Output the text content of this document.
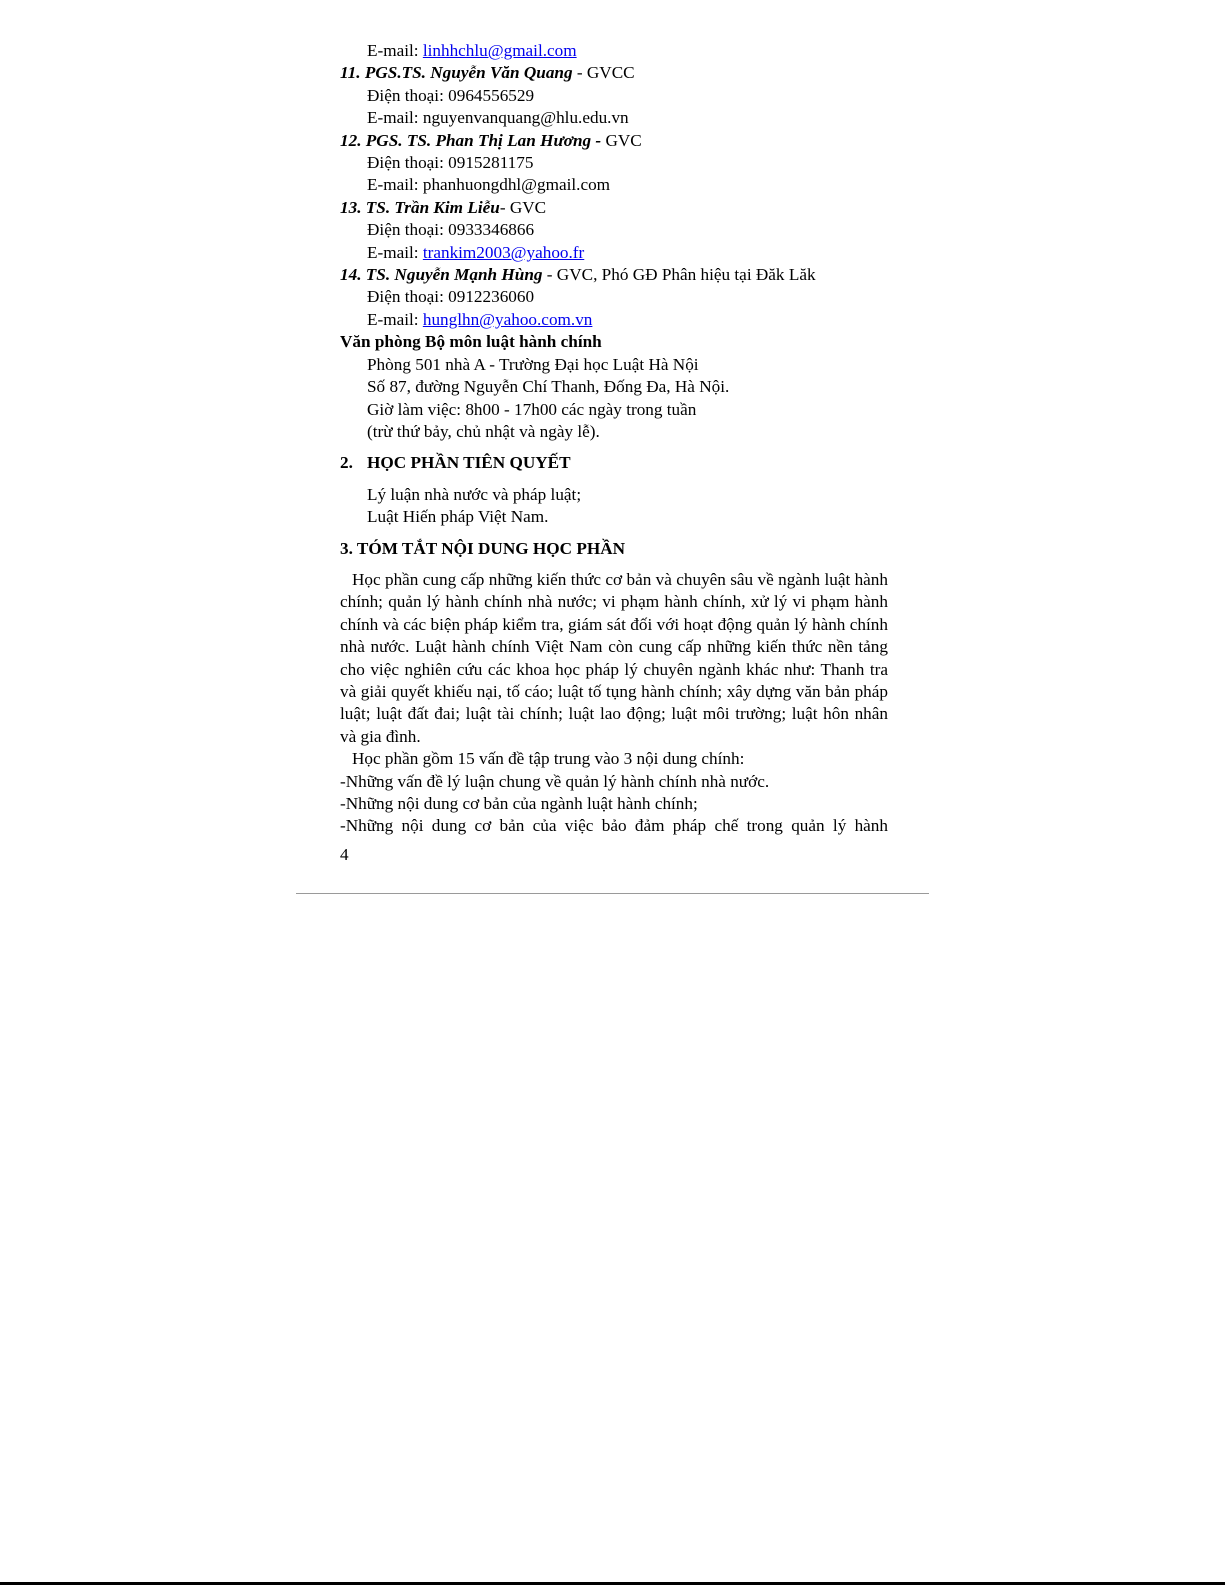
E-mail: linhhchlu@gmail.com
11. PGS.TS. Nguyễn Văn Quang - GVCC
Điện thoại: 0964556529
E-mail: nguyenvanquang@hlu.edu.vn
12. PGS. TS. Phan Thị Lan Hương - GVC
Điện thoại: 0915281175
E-mail: phanhuongdhl@gmail.com
13. TS. Trần Kim Liễu- GVC
Điện thoại: 0933346866
E-mail: trankim2003@yahoo.fr
14. TS. Nguyễn Mạnh Hùng - GVC, Phó GĐ Phân hiệu tại Đăk Lăk
Điện thoại: 0912236060
E-mail: hunglhn@yahoo.com.vn
Văn phòng Bộ môn luật hành chính
Phòng 501 nhà A - Trường Đại học Luật Hà Nội
Số 87, đường Nguyễn Chí Thanh, Đống Đa, Hà Nội.
Giờ làm việc: 8h00 - 17h00 các ngày trong tuần
(trừ thứ bảy, chủ nhật và ngày lễ).
2. HỌC PHẦN TIÊN QUYẾT
Lý luận nhà nước và pháp luật;
Luật Hiến pháp Việt Nam.
3. TÓM TẮT NỘI DUNG HỌC PHẦN
Học phần cung cấp những kiến thức cơ bản và chuyên sâu về ngành luật hành chính; quản lý hành chính nhà nước; vi phạm hành chính, xử lý vi phạm hành chính và các biện pháp kiểm tra, giám sát đối với hoạt động quản lý hành chính nhà nước. Luật hành chính Việt Nam còn cung cấp những kiến thức nền tảng cho việc nghiên cứu các khoa học pháp lý chuyên ngành khác như: Thanh tra và giải quyết khiếu nại, tố cáo; luật tố tụng hành chính; xây dựng văn bản pháp luật; luật đất đai; luật tài chính; luật lao động; luật môi trường; luật hôn nhân và gia đình.
Học phần gồm 15 vấn đề tập trung vào 3 nội dung chính:
-Những vấn đề lý luận chung về quản lý hành chính nhà nước.
-Những nội dung cơ bản của ngành luật hành chính;
-Những nội dung cơ bản của việc bảo đảm pháp chế trong quản lý hành
4
